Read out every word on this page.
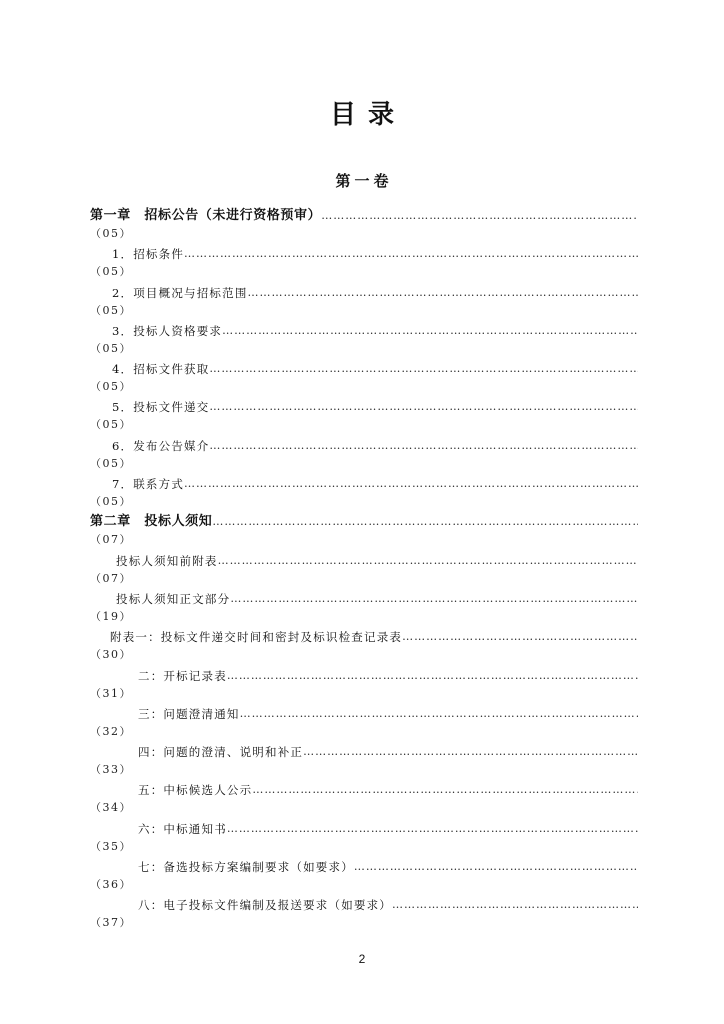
目录
第一卷
第一章　招标公告（未进行资格预审）
…………………………………………………………………………………………………………………………………………………………………………………………
（05）
1．招标条件
…………………………………………………………………………………………………………………………………………………………………………………………
（05）
2．项目概况与招标范围
…………………………………………………………………………………………………………………………………………………………………………………………
（05）
3．投标人资格要求
…………………………………………………………………………………………………………………………………………………………………………………………
（05）
4．招标文件获取
…………………………………………………………………………………………………………………………………………………………………………………………
（05）
5．投标文件递交
…………………………………………………………………………………………………………………………………………………………………………………………
（05）
6．发布公告媒介
…………………………………………………………………………………………………………………………………………………………………………………………
（05）
7．联系方式
…………………………………………………………………………………………………………………………………………………………………………………………
（05）
第二章　投标人须知
…………………………………………………………………………………………………………………………………………………………………………………………
（07）
投标人须知前附表
…………………………………………………………………………………………………………………………………………………………………………………………
（07）
投标人须知正文部分
…………………………………………………………………………………………………………………………………………………………………………………………
（19）
附表一：投标文件递交时间和密封及标识检查记录表
…………………………………………………………………………………………………………………………………………………………………………………………
（30）
二：开标记录表
…………………………………………………………………………………………………………………………………………………………………………………………
（31）
三：问题澄清通知
…………………………………………………………………………………………………………………………………………………………………………………………
（32）
四：问题的澄清、说明和补正
…………………………………………………………………………………………………………………………………………………………………………………………
（33）
五：中标候选人公示
…………………………………………………………………………………………………………………………………………………………………………………………
（34）
六：中标通知书
…………………………………………………………………………………………………………………………………………………………………………………………
（35）
七：备选投标方案编制要求（如要求）
…………………………………………………………………………………………………………………………………………………………………………………………
（36）
八：电子投标文件编制及报送要求（如要求）
…………………………………………………………………………………………………………………………………………………………………………………………
（37）
2
